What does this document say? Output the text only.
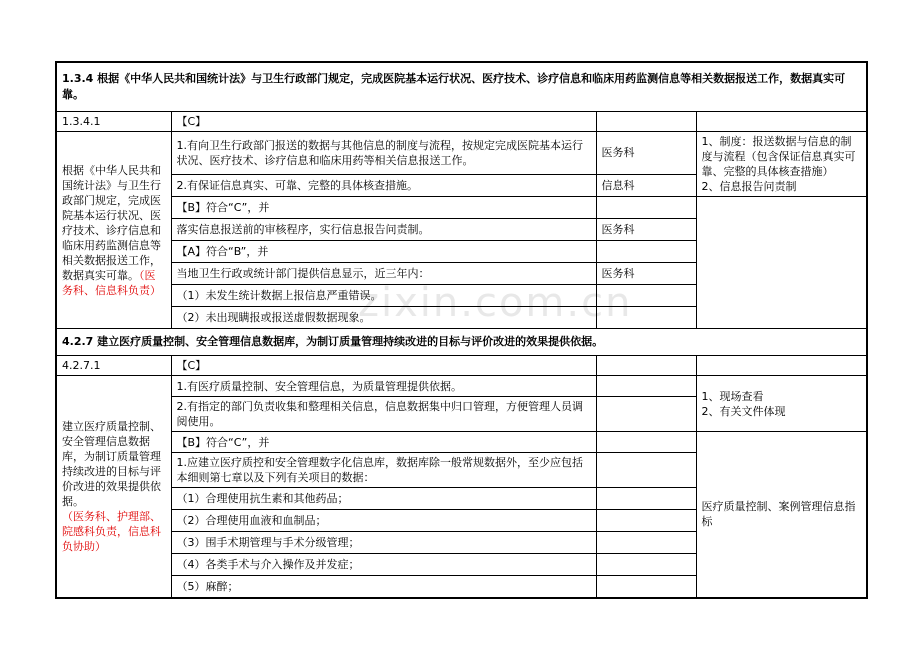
zixin.com.cn
1.3.4 根据《中华人民共和国统计法》与卫生行政部门规定，完成医院基本运行状况、医疗技术、诊疗信息和临床用药监测信息等相关数据报送工作，数据真实可靠。			
1.3.4.1	【C】		
根据《中华人民共和国统计法》与卫生行政部门规定，完成医院基本运行状况、医疗技术、诊疗信息和临床用药监测信息等相关数据报送工作，数据真实可靠。（医务科、信息科负责）	1.有向卫生行政部门报送的数据与其他信息的制度与流程，按规定完成医院基本运行状况、医疗技术、诊疗信息和临床用药等相关信息报送工作。	医务科	1、制度：报送数据与信息的制度与流程（包含保证信息真实可靠、完整的具体核查措施）
2、信息报告问责制
	2.有保证信息真实、可靠、完整的具体核查措施。	信息科	
	【B】符合“C”，并		
	落实信息报送前的审核程序，实行信息报告问责制。	医务科	
	【A】符合“B”，并		
	当地卫生行政或统计部门提供信息显示，近三年内：	医务科	
	（1）未发生统计数据上报信息严重错误。		
	（2）未出现瞒报或报送虚假数据现象。		
4.2.7 建立医疗质量控制、安全管理信息数据库，为制订质量管理持续改进的目标与评价改进的效果提供依据。			
4.2.7.1	【C】		
建立医疗质量控制、安全管理信息数据库，为制订质量管理持续改进的目标与评价改进的效果提供依据。
（医务科、护理部、院感科负责，信息科负协助）	1.有医疗质量控制、安全管理信息，为质量管理提供依据。		1、现场查看
2、有关文件体现
	2.有指定的部门负责收集和整理相关信息，信息数据集中归口管理，方便管理人员调阅使用。		
	【B】符合“C”，并		医疗质量控制、案例管理信息指标
	1.应建立医疗质控和安全管理数字化信息库，数据库除一般常规数据外，至少应包括本细则第七章以及下列有关项目的数据：		
	（1）合理使用抗生素和其他药品；		
	（2）合理使用血液和血制品；		
	（3）围手术期管理与手术分级管理；		
	（4）各类手术与介入操作及并发症；		
	（5）麻醉；		
